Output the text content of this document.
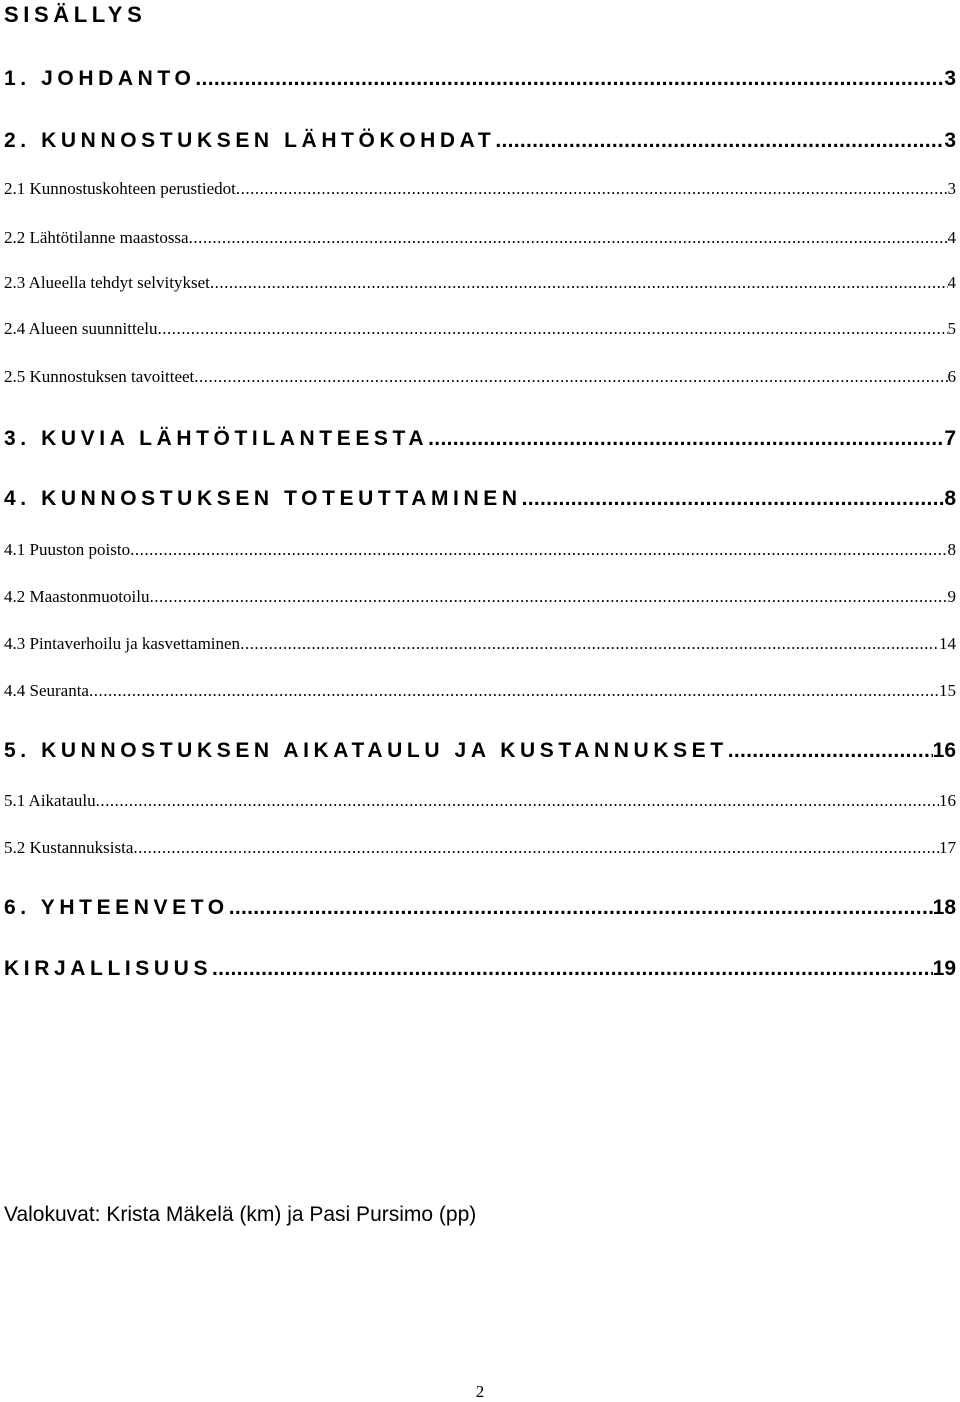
SISÄLLYS
1. JOHDANTO .....	3
2. KUNNOSTUKSEN LÄHTÖKOHDAT .....	3
2.1 Kunnostuskohteen perustiedot .....	3
2.2 Lähtötilanne maastossa .....	4
2.3 Alueella tehdyt selvitykset .....	4
2.4 Alueen suunnittelu .....	5
2.5 Kunnostuksen tavoitteet .....	6
3. KUVIA LÄHTÖTILANTEESTA .....	7
4. KUNNOSTUKSEN TOTEUTTAMINEN .....	8
4.1 Puuston poisto .....	8
4.2 Maastonmuotoilu .....	9
4.3 Pintaverhoilu ja kasvettaminen .....	14
4.4 Seuranta .....	15
5. KUNNOSTUKSEN AIKATAULU JA KUSTANNUKSET .....	16
5.1 Aikataulu .....	16
5.2 Kustannuksista .....	17
6. YHTEENVETO .....	18
KIRJALLISUUS .....	19
Valokuvat: Krista Mäkelä (km) ja Pasi Pursimo (pp)
2
